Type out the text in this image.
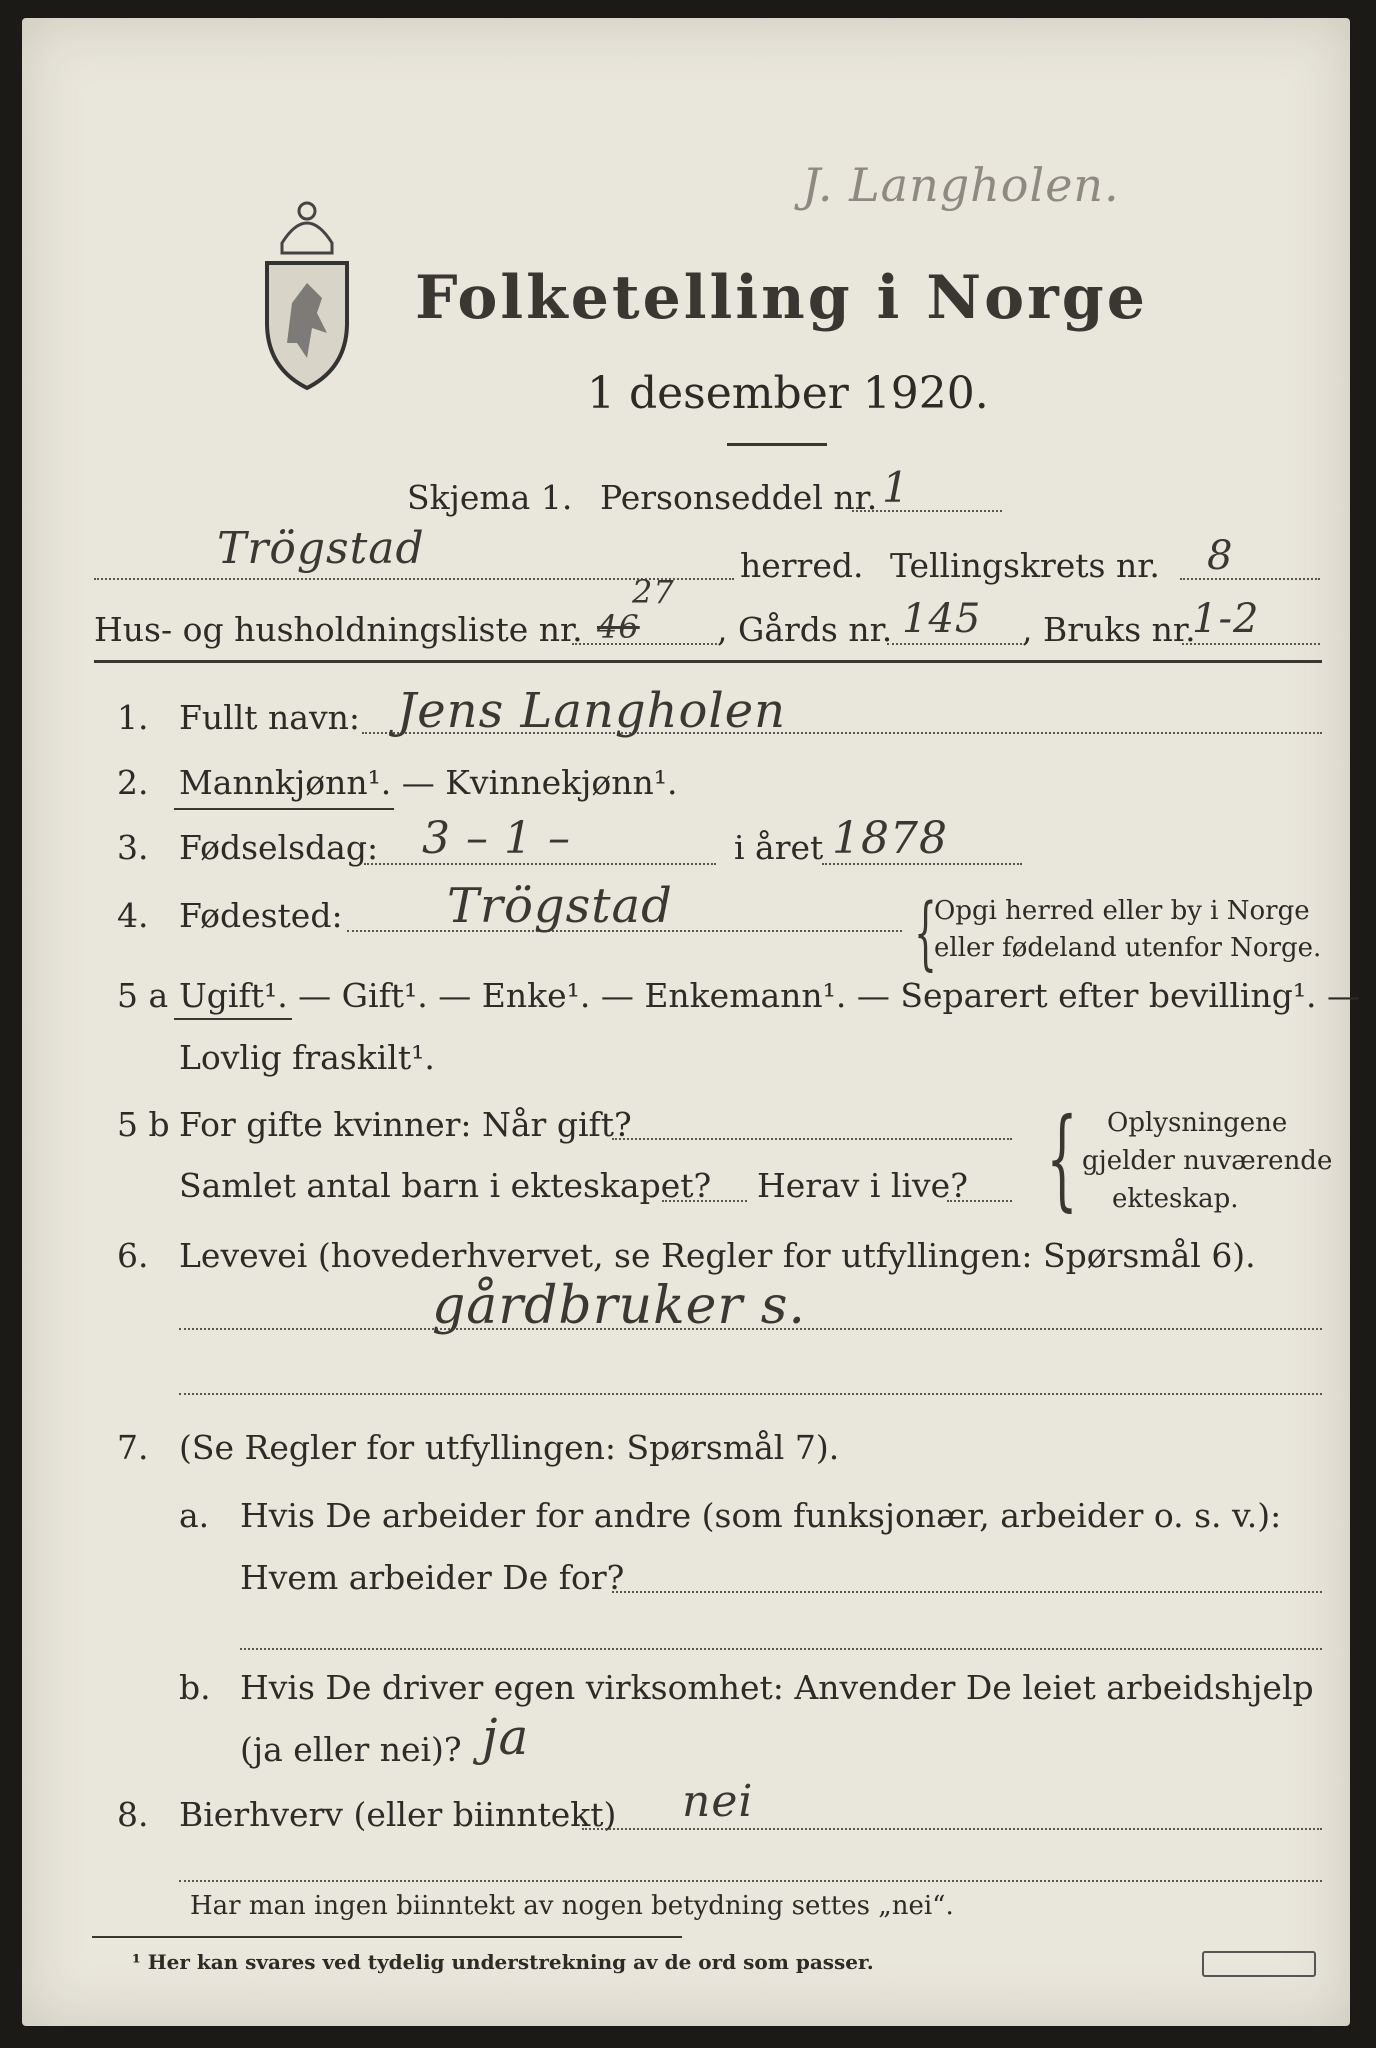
J. Langholen.
Folketelling i Norge
1 desember 1920.
Skjema 1. Personseddel nr. 1
Trögstad	herred. Tellingskrets nr. 8
Hus- og husholdningsliste nr. 46
27
, Gårds nr. 145 , Bruks nr.
1-2
1. Fullt navn: Jens Langholen
2. Mannkjønn¹. — Kvinnekjønn¹.
3. Fødselsdag: 3 – 1 –	i året 1878
4. Fødested: Trögstad	{
Opgi herred eller by i Norge
eller fødeland utenfor Norge.
5 a Ugift¹. — Gift¹. — Enke¹. — Enkemann¹. — Separert efter bevilling¹. —
Lovlig fraskilt¹.
5 b For gifte kvinner: Når gift?
Samlet antal barn i ekteskapet? Herav i live? { Oplysningene
gjelder nuværende
ekteskap.
6. Levevei (hovederhvervet, se Regler for utfyllingen: Spørsmål 6).
gårdbruker s.
7. (Se Regler for utfyllingen: Spørsmål 7).
a. Hvis De arbeider for andre (som funksjonær, arbeider o. s. v.):
Hvem arbeider De for?
b. Hvis De driver egen virksomhet: Anvender De leiet arbeidshjelp
(ja eller nei)? ja
8. Bierhverv (eller biinntekt) nei
Har man ingen biinntekt av nogen betydning settes „nei“.
¹ Her kan svares ved tydelig understrekning av de ord som passer.
